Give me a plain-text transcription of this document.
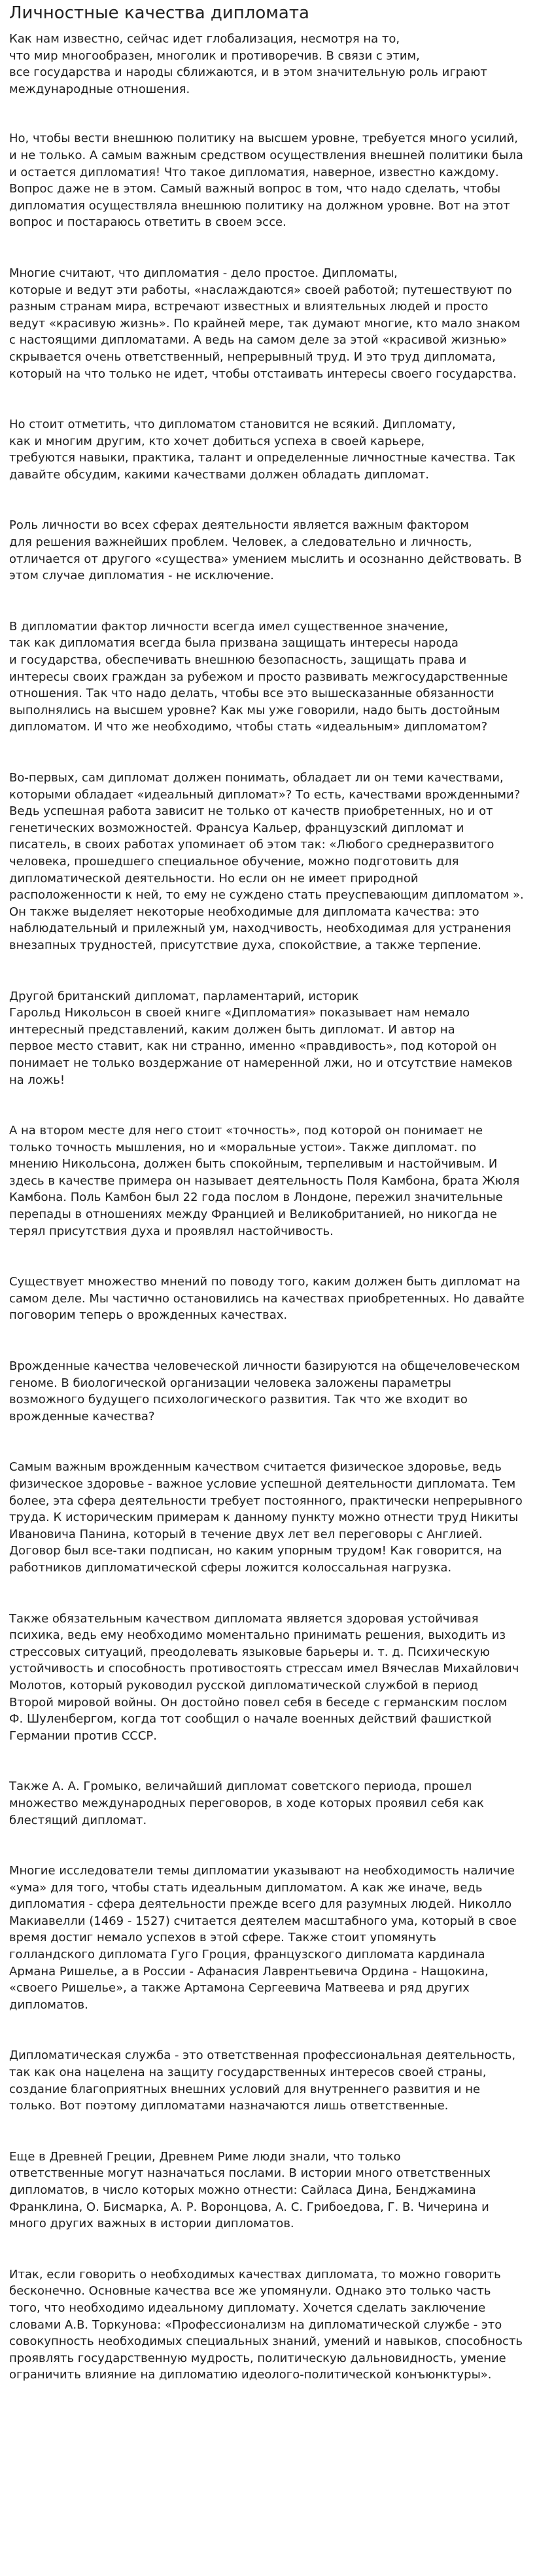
Личностные качества дипломата

Как нам известно, сейчас идет глобализация, несмотря на то,
что мир многообразен, многолик и противоречив. В связи с этим,
все государства и народы сближаются, и в этом значительную роль играют
международные отношения.

Но, чтобы вести внешнюю политику на высшем уровне, требуется много усилий,
и не только. А самым важным средством осуществления внешней политики была
и остается дипломатия! Что такое дипломатия, наверное, известно каждому.
Вопрос даже не в этом. Самый важный вопрос в том, что надо сделать, чтобы
дипломатия осуществляла внешнюю политику на должном уровне. Вот на этот
вопрос и постараюсь ответить в своем эссе.

Многие считают, что дипломатия - дело простое. Дипломаты,
которые и ведут эти работы, «наслаждаются» своей работой; путешествуют по
разным странам мира, встречают известных и влиятельных людей и просто
ведут «красивую жизнь». По крайней мере, так думают многие, кто мало знаком
с настоящими дипломатами. А ведь на самом деле за этой «красивой жизнью»
скрывается очень ответственный, непрерывный труд. И это труд дипломата,
который на что только не идет, чтобы отстаивать интересы своего государства.

Но стоит отметить, что дипломатом становится не всякий. Дипломату,
как и многим другим, кто хочет добиться успеха в своей карьере,
требуются навыки, практика, талант и определенные личностные качества. Так
давайте обсудим, какими качествами должен обладать дипломат.

Роль личности во всех сферах деятельности является важным фактором
для решения важнейших проблем. Человек, а следовательно и личность,
отличается от другого «существа» умением мыслить и осознанно действовать. В
этом случае дипломатия - не исключение.

В дипломатии фактор личности всегда имел существенное значение,
так как дипломатия всегда была призвана защищать интересы народа
и государства, обеспечивать внешнюю безопасность, защищать права и
интересы своих граждан за рубежом и просто развивать межгосударственные
отношения. Так что надо делать, чтобы все это вышесказанные обязанности
выполнялись на высшем уровне? Как мы уже говорили, надо быть достойным
дипломатом. И что же необходимо, чтобы стать «идеальным» дипломатом?

Во-первых, сам дипломат должен понимать, обладает ли он теми качествами,
которыми обладает «идеальный дипломат»? То есть, качествами врожденными?
Ведь успешная работа зависит не только от качеств приобретенных, но и от
генетических возможностей. Франсуа Кальер, французский дипломат и
писатель, в своих работах упоминает об этом так: «Любого среднеразвитого
человека, прошедшего специальное обучение, можно подготовить для
дипломатической деятельности. Но если он не имеет природной
расположенности к ней, то ему не суждено стать преуспевающим дипломатом ».
Он также выделяет некоторые необходимые для дипломата качества: это
наблюдательный и прилежный ум, находчивость, необходимая для устранения
внезапных трудностей, присутствие духа, спокойствие, а также терпение.

Другой британский дипломат, парламентарий, историк
Гарольд Никольсон в своей книге «Дипломатия» показывает нам немало
интересный представлений, каким должен быть дипломат. И автор на
первое место ставит, как ни странно, именно «правдивость», под которой он
понимает не только воздержание от намеренной лжи, но и отсутствие намеков
на ложь!

А на втором месте для него стоит «точность», под которой он понимает не
только точность мышления, но и «моральные устои». Также дипломат. по
мнению Никольсона, должен быть спокойным, терпеливым и настойчивым. И
здесь в качестве примера он называет деятельность Поля Камбона, брата Жюля
Камбона. Поль Камбон был 22 года послом в Лондоне, пережил значительные
перепады в отношениях между Францией и Великобританией, но никогда не
терял присутствия духа и проявлял настойчивость.

Существует множество мнений по поводу того, каким должен быть дипломат на
самом деле. Мы частично остановились на качествах приобретенных. Но давайте
поговорим теперь о врожденных качествах.

Врожденные качества человеческой личности базируются на общечеловеческом
геноме. В биологической организации человека заложены параметры
возможного будущего психологического развития. Так что же входит во
врожденные качества?

Самым важным врожденным качеством считается физическое здоровье, ведь
физическое здоровье - важное условие успешной деятельности дипломата. Тем
более, эта сфера деятельности требует постоянного, практически непрерывного
труда. К историческим примерам к данному пункту можно отнести труд Никиты
Ивановича Панина, который в течение двух лет вел переговоры с Англией.
Договор был все-таки подписан, но каким упорным трудом! Как говорится, на
работников дипломатической сферы ложится колоссальная нагрузка.

Также обязательным качеством дипломата является здоровая устойчивая
психика, ведь ему необходимо моментально принимать решения, выходить из
стрессовых ситуаций, преодолевать языковые барьеры и. т. д. Психическую
устойчивость и способность противостоять стрессам имел Вячеслав Михайлович
Молотов, который руководил русской дипломатической службой в период
Второй мировой войны. Он достойно повел себя в беседе с германским послом
Ф. Шуленбергом, когда тот сообщил о начале военных действий фашисткой
Германии против СССР.

Также А. А. Громыко, величайший дипломат советского периода, прошел
множество международных переговоров, в ходе которых проявил себя как
блестящий дипломат.

Многие исследователи темы дипломатии указывают на необходимость наличие
«ума» для того, чтобы стать идеальным дипломатом. А как же иначе, ведь
дипломатия - сфера деятельности прежде всего для разумных людей. Николло
Макиавелли (1469 - 1527) считается деятелем масштабного ума, который в свое
время достиг немало успехов в этой сфере. Также стоит упомянуть
голландского дипломата Гуго Гроция, французского дипломата кардинала
Армана Ришелье, а в России - Афанасия Лаврентьевича Ордина - Нащокина,
«своего Ришелье», а также Артамона Сергеевича Матвеева и ряд других
дипломатов.

Дипломатическая служба - это ответственная профессиональная деятельность,
так как она нацелена на защиту государственных интересов своей страны,
создание благоприятных внешних условий для внутреннего развития и не
только. Вот поэтому дипломатами назначаются лишь ответственные.

Еще в Древней Греции, Древнем Риме люди знали, что только
ответственные могут назначаться послами. В истории много ответственных
дипломатов, в число которых можно отнести: Сайласа Дина, Бенджамина
Франклина, О. Бисмарка, А. Р. Воронцова, А. С. Грибоедова, Г. В. Чичерина и
много других важных в истории дипломатов.

Итак, если говорить о необходимых качествах дипломата, то можно говорить
бесконечно. Основные качества все же упомянули. Однако это только часть
того, что необходимо идеальному дипломату. Хочется сделать заключение
словами А.В. Торкунова: «Профессионализм на дипломатической службе - это
совокупность необходимых специальных знаний, умений и навыков, способность
проявлять государственную мудрость, политическую дальновидность, умение
ограничить влияние на дипломатию идеолого-политической конъюнктуры».
